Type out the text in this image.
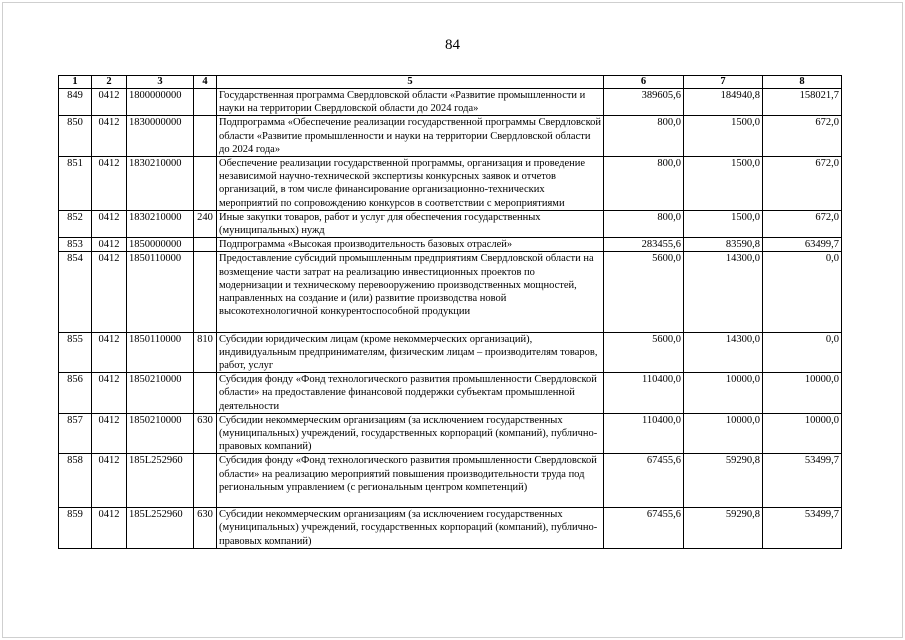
84
1	2	3	4	5	6	7	8
849	0412	1800000000		Государственная программа Свердловской области «Развитие промышленности и науки на территории Свердловской области до 2024 года»	389605,6	184940,8	158021,7
850	0412	1830000000		Подпрограмма «Обеспечение реализации государственной программы Свердловской области «Развитие промышленности и науки на территории Свердловской области до 2024 года»	800,0	1500,0	672,0
851	0412	1830210000		Обеспечение реализации государственной программы, организация и проведение независимой научно-технической экспертизы конкурсных заявок и отчетов организаций, в том числе финансирование организационно-технических мероприятий по сопровождению конкурсов в соответствии с мероприятиями	800,0	1500,0	672,0
852	0412	1830210000	240	Иные закупки товаров, работ и услуг для обеспечения государственных (муниципальных) нужд	800,0	1500,0	672,0
853	0412	1850000000		Подпрограмма «Высокая производительность базовых отраслей»	283455,6	83590,8	63499,7
854	0412	1850110000		Предоставление субсидий промышленным предприятиям Свердловской области на возмещение части затрат на реализацию инвестиционных проектов по модернизации и техническому перевооружению производственных мощностей, направленных на создание и (или) развитие производства новой высокотехнологичной конкурентоспособной продукции	5600,0	14300,0	0,0
855	0412	1850110000	810	Субсидии юридическим лицам (кроме некоммерческих организаций), индивидуальным предпринимателям, физическим лицам – производителям товаров, работ, услуг	5600,0	14300,0	0,0
856	0412	1850210000		Субсидия фонду «Фонд технологического развития промышленности Свердловской области» на предоставление финансовой поддержки субъектам промышленной деятельности	110400,0	10000,0	10000,0
857	0412	1850210000	630	Субсидии некоммерческим организациям (за исключением государственных (муниципальных) учреждений, государственных корпораций (компаний), публично-правовых компаний)	110400,0	10000,0	10000,0
858	0412	185L252960		Субсидия фонду «Фонд технологического развития промышленности Свердловской области» на реализацию мероприятий повышения производительности труда под региональным управлением (с региональным центром компетенций)	67455,6	59290,8	53499,7
859	0412	185L252960	630	Субсидии некоммерческим организациям (за исключением государственных (муниципальных) учреждений, государственных корпораций (компаний), публично-правовых компаний)	67455,6	59290,8	53499,7
